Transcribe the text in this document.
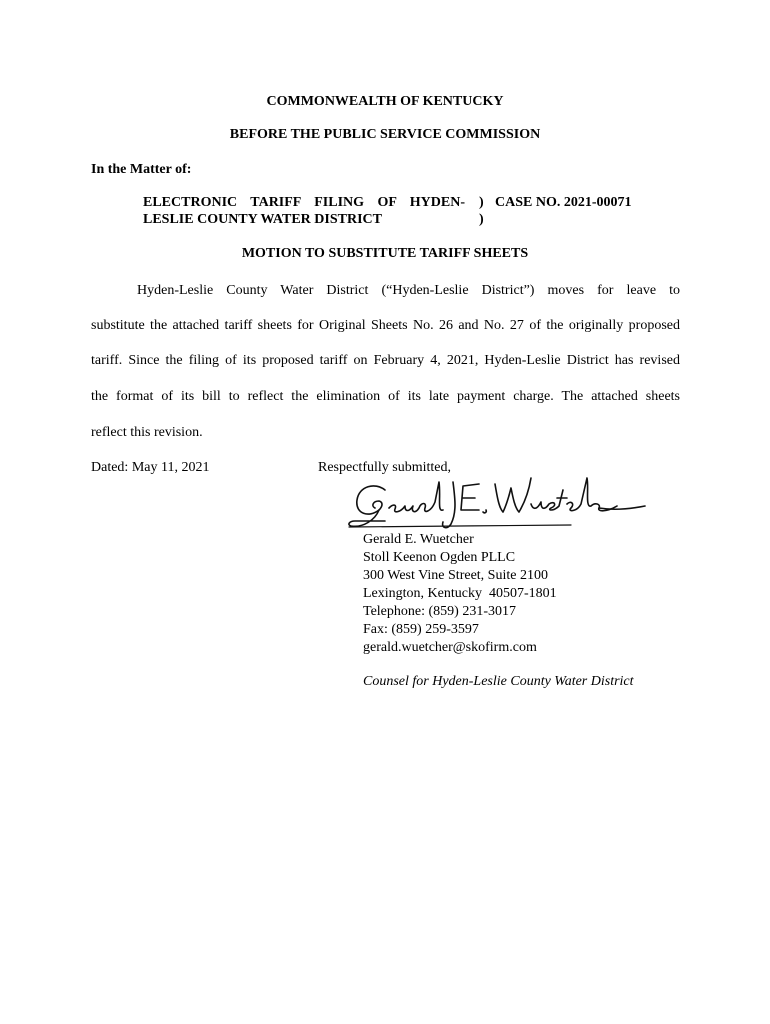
COMMONWEALTH OF KENTUCKY
BEFORE THE PUBLIC SERVICE COMMISSION
In the Matter of:
ELECTRONIC TARIFF FILING OF HYDEN-
LESLIE COUNTY WATER DISTRICT
)
)
CASE NO. 2021-00071
MOTION TO SUBSTITUTE TARIFF SHEETS
Hyden-Leslie County Water District (“Hyden-Leslie District”) moves for leave to
substitute the attached tariff sheets for Original Sheets No. 26 and No. 27 of the originally proposed
tariff. Since the filing of its proposed tariff on February 4, 2021, Hyden-Leslie District has revised
the format of its bill to reflect the elimination of its late payment charge. The attached sheets
reflect this revision.
Dated: May 11, 2021	Respectfully submitted,
Gerald E. Wuetcher
Stoll Keenon Ogden PLLC
300 West Vine Street, Suite 2100
Lexington, Kentucky  40507-1801
Telephone: (859) 231-3017
Fax: (859) 259-3597
gerald.wuetcher@skofirm.com
Counsel for Hyden-Leslie County Water District
